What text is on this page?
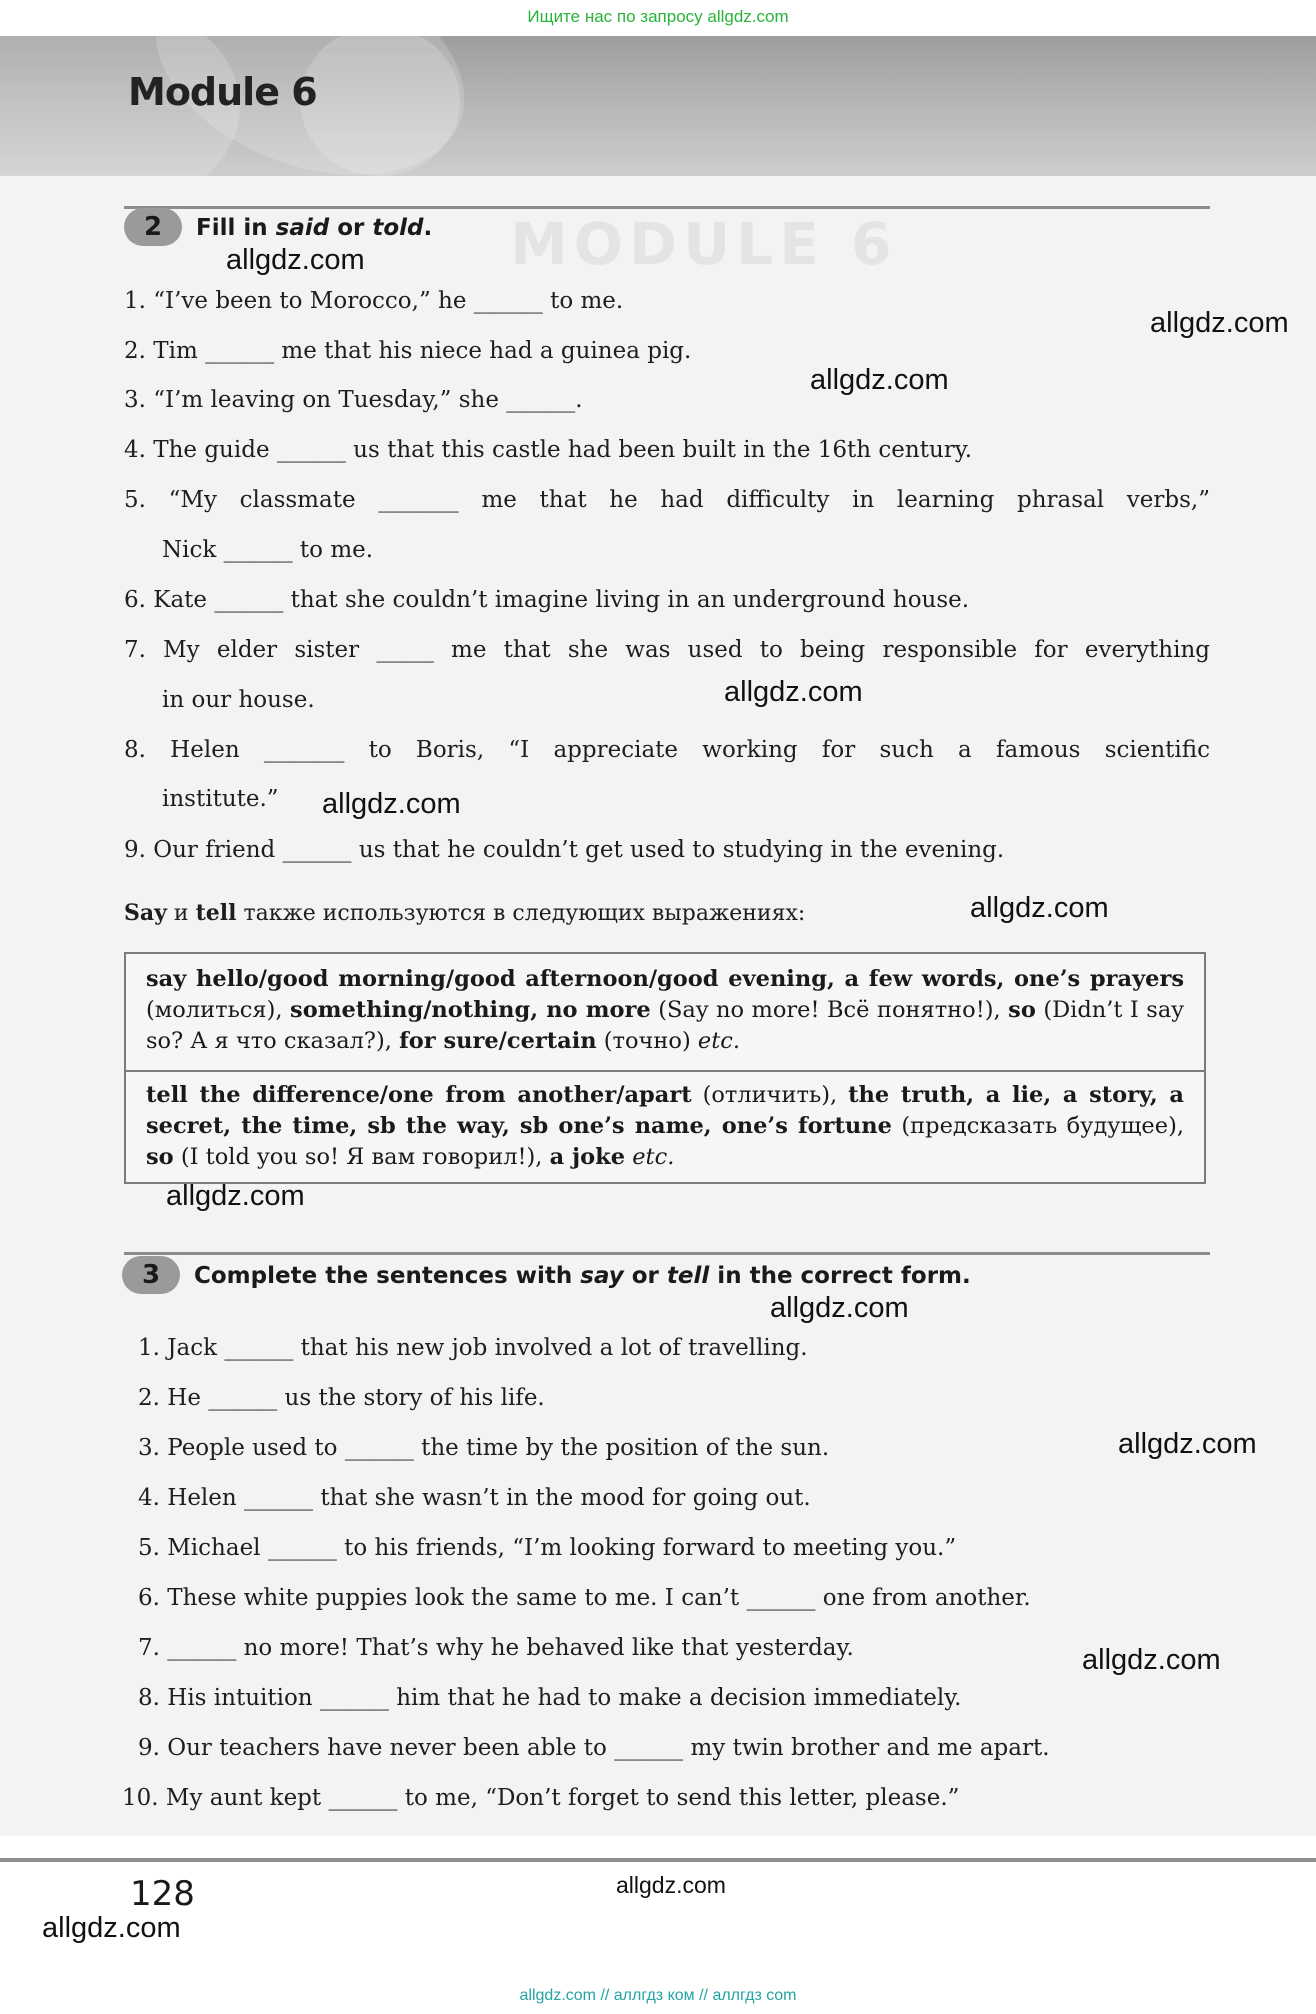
Ищите нас по запросу allgdz.com
Module 6
MODULE 6
2	Fill in said or told.
1. “I’ve been to Morocco,” he ______ to me.
2. Tim ______ me that his niece had a guinea pig.
3. “I’m leaving on Tuesday,” she ______.
4. The guide ______ us that this castle had been built in the 16th century.
5. “My classmate _______ me that he had difficulty in learning phrasal verbs,”
Nick ______ to me.
6. Kate ______ that she couldn’t imagine living in an underground house.
7. My elder sister _____ me that she was used to being responsible for everything
in our house.
8. Helen _______ to Boris, “I appreciate working for such a famous scientific
institute.”
9. Our friend ______ us that he couldn’t get used to studying in the evening.
Say и tell также используются в следующих выражениях:
say hello/good morning/good afternoon/good evening, a few words, one’s prayers (молиться), something/nothing, no more (Say no more! Всё понятно!), so (Didn’t I say so? А я что сказал?), for sure/certain (точно) etc.
tell the difference/one from another/apart (отличить), the truth, a lie, a story, a secret, the time, sb the way, sb one’s name, one’s fortune (предсказать будущее), so (I told you so! Я вам говорил!), a joke etc.
3	Complete the sentences with say or tell in the correct form.
1. Jack ______ that his new job involved a lot of travelling.
2. He ______ us the story of his life.
3. People used to ______ the time by the position of the sun.
4. Helen ______ that she wasn’t in the mood for going out.
5. Michael ______ to his friends, “I’m looking forward to meeting you.”
6. These white puppies look the same to me. I can’t ______ one from another.
7. ______ no more! That’s why he behaved like that yesterday.
8. His intuition ______ him that he had to make a decision immediately.
9. Our teachers have never been able to ______ my twin brother and me apart.
10. My aunt kept ______ to me, “Don’t forget to send this letter, please.”
allgdz.com
allgdz.com
allgdz.com
allgdz.com
allgdz.com
allgdz.com
allgdz.com
allgdz.com
allgdz.com
allgdz.com
allgdz.com
allgdz.com
128
allgdz.com // аллгдз ком // аллгдз com
